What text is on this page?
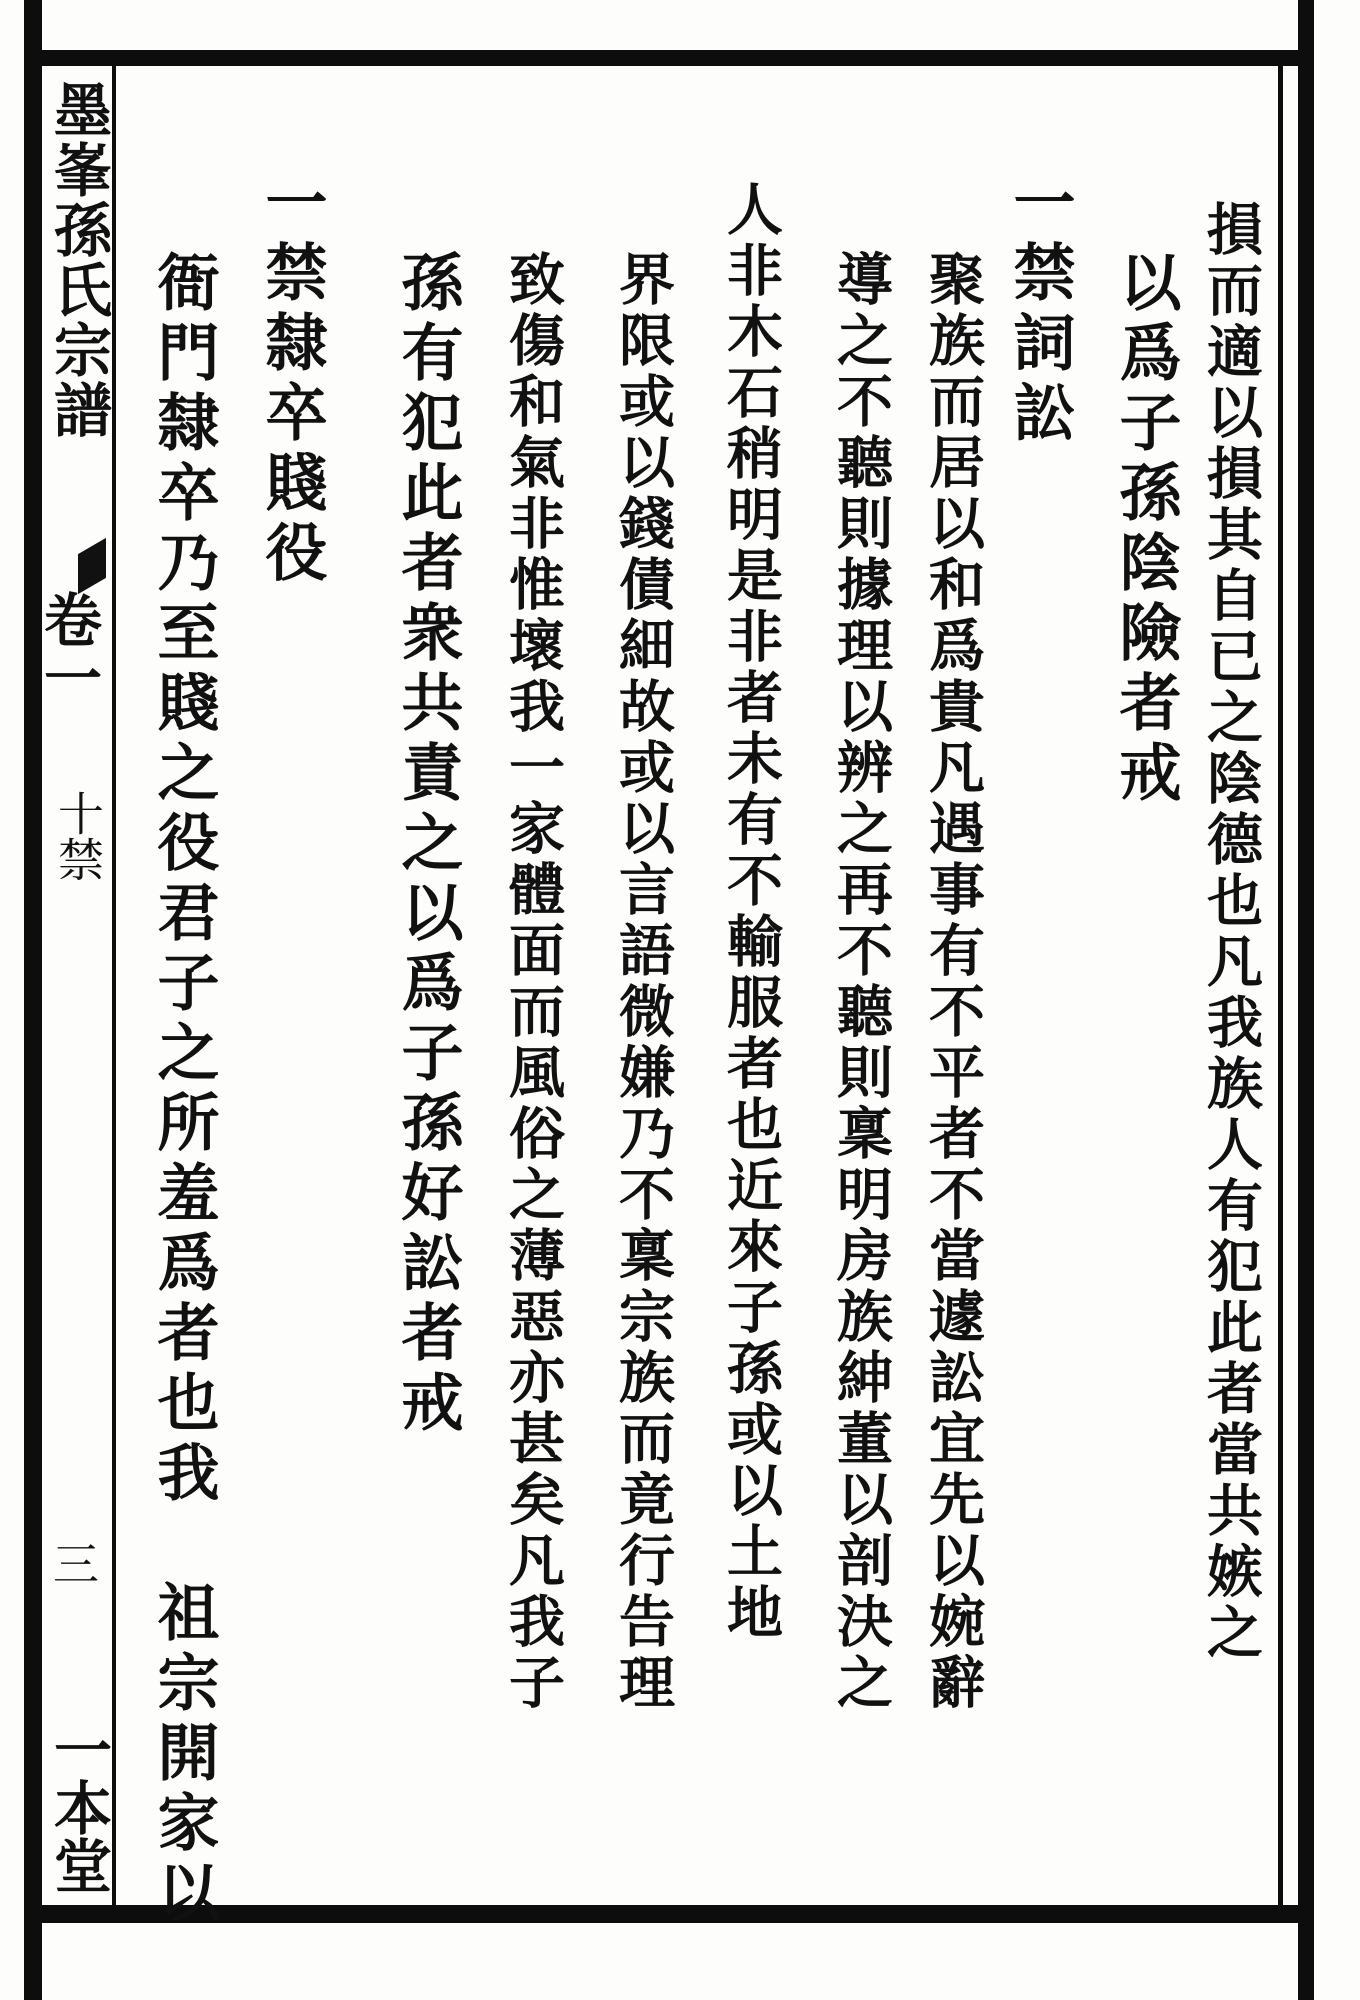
墨峯孫氏宗譜
卷一
十禁
三
一本堂
損而適以損其自已之陰德也凡我族人有犯此者當共嫉之
以爲子孫陰險者戒
一禁詞訟
聚族而居以和爲貴凡遇事有不平者不當遽訟宜先以婉辭
導之不聽則據理以辨之再不聽則稟明房族紳董以剖決之
人非木石稍明是非者未有不輸服者也近來子孫或以土地
界限或以錢債細故或以言語微嫌乃不稟宗族而竟行告理
致傷和氣非惟壞我一家體面而風俗之薄惡亦甚矣凡我子
孫有犯此者衆共責之以爲子孫好訟者戒
一禁隸卒賤役
衙門隸卒乃至賤之役君子之所羞爲者也我
祖宗開家以
